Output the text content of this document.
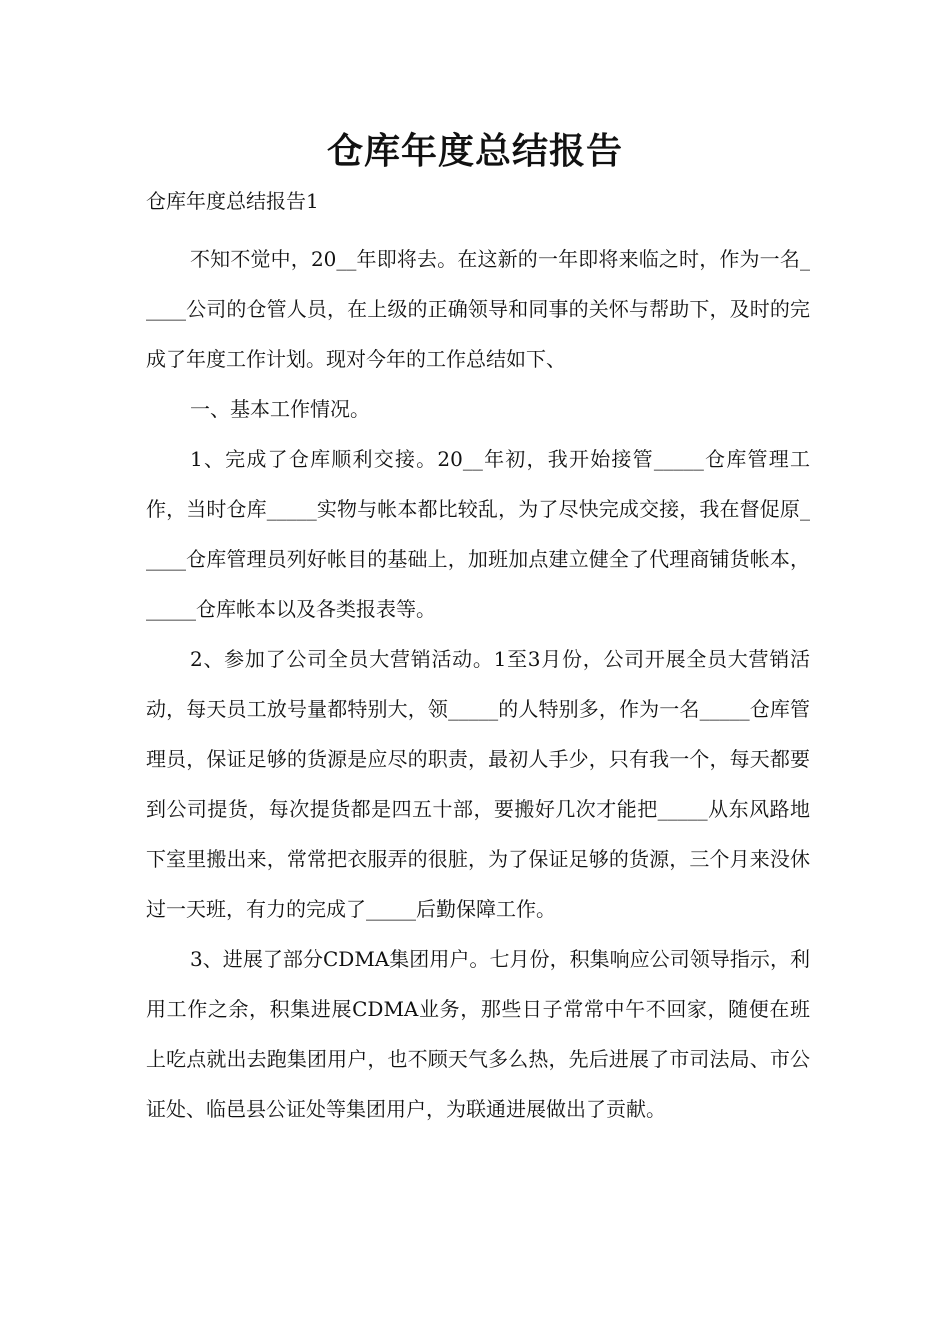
仓库年度总结报告

仓库年度总结报告1

不知不觉中，20__年即将去。在这新的一年即将来临之时，作为一名_____公司的仓管人员，在上级的正确领导和同事的关怀与帮助下，及时的完成了年度工作计划。现对今年的工作总结如下、

一、基本工作情况。

1、完成了仓库顺利交接。20__年初，我开始接管_____仓库管理工作，当时仓库_____实物与帐本都比较乱，为了尽快完成交接，我在督促原_____仓库管理员列好帐目的基础上，加班加点建立健全了代理商铺货帐本，_____仓库帐本以及各类报表等。

2、参加了公司全员大营销活动。1至3月份，公司开展全员大营销活动，每天员工放号量都特别大，领_____的人特别多，作为一名_____仓库管理员，保证足够的货源是应尽的职责，最初人手少，只有我一个，每天都要到公司提货，每次提货都是四五十部，要搬好几次才能把_____从东风路地下室里搬出来，常常把衣服弄的很脏，为了保证足够的货源，三个月来没休过一天班，有力的完成了_____后勤保障工作。

3、进展了部分CDMA集团用户。七月份，积集响应公司领导指示，利用工作之余，积集进展CDMA业务，那些日子常常中午不回家，随便在班上吃点就出去跑集团用户，也不顾天气多么热，先后进展了市司法局、市公证处、临邑县公证处等集团用户，为联通进展做出了贡献。
